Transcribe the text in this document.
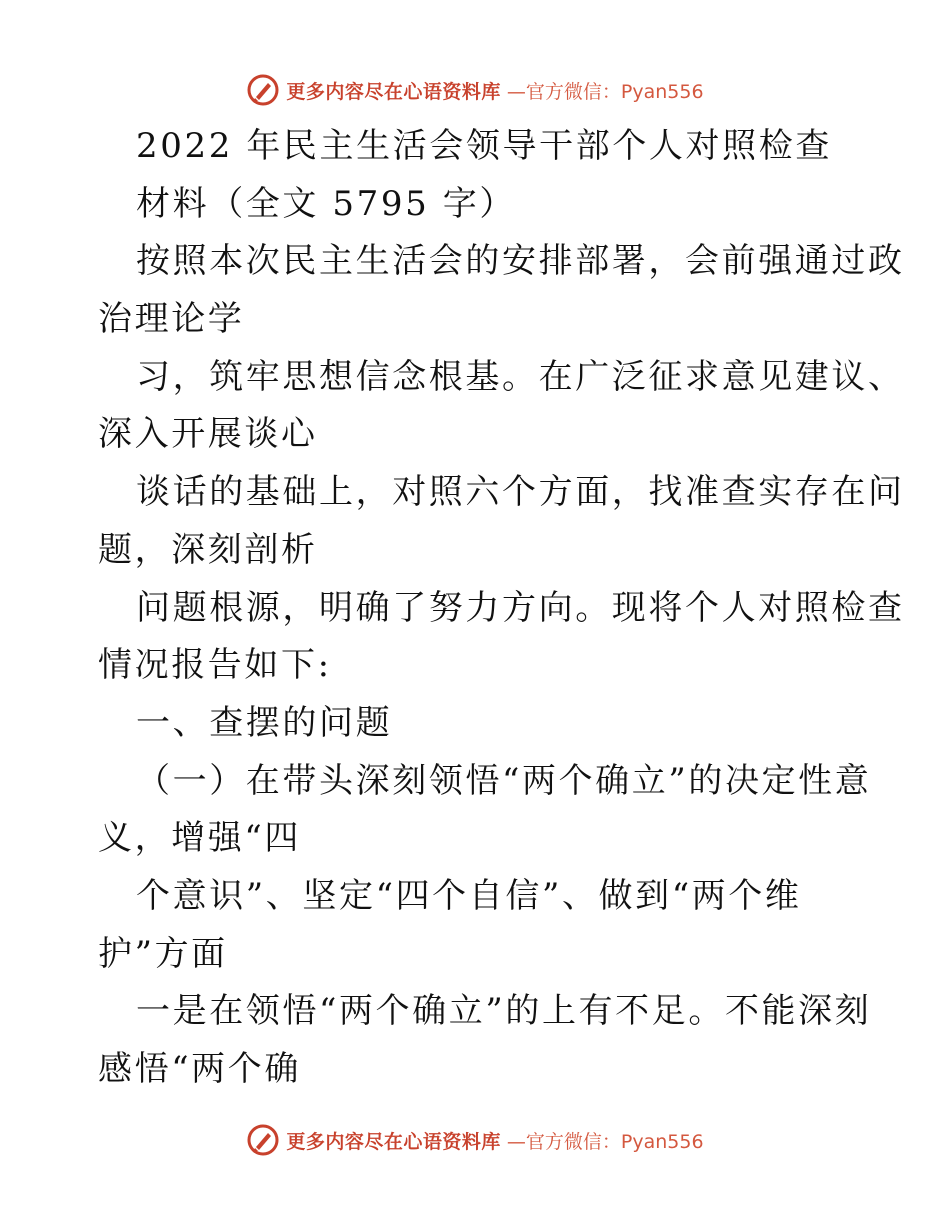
更多内容尽在心语资料库 —官方微信：Pyan556
2022 年民主生活会领导干部个人对照检查
材料（全文 5795 字）
按照本次民主生活会的安排部署，会前强通过政
治理论学
习，筑牢思想信念根基。在广泛征求意见建议、
深入开展谈心
谈话的基础上，对照六个方面，找准查实存在问
题，深刻剖析
问题根源，明确了努力方向。现将个人对照检查
情况报告如下:
一、查摆的问题
（一）在带头深刻领悟“两个确立”的决定性意
义，增强“四
个意识”、坚定“四个自信”、做到“两个维
护”方面
一是在领悟“两个确立”的上有不足。不能深刻
感悟“两个确
更多内容尽在心语资料库 —官方微信：Pyan556
